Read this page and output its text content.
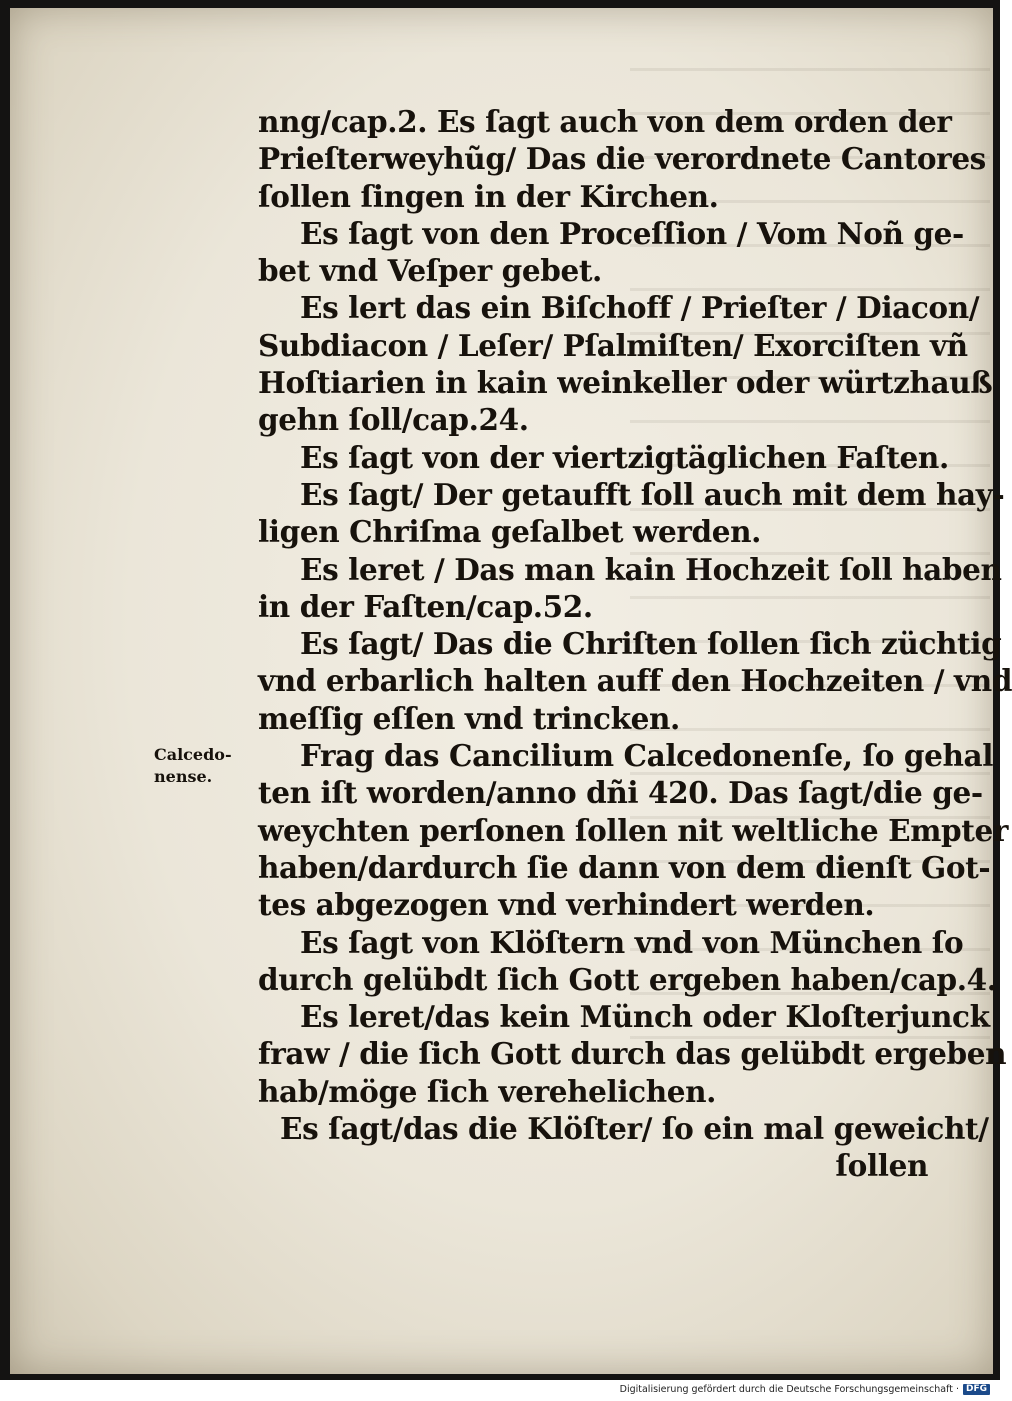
Calcedo-
nense.
nng/cap.2. Es ſagt auch von dem orden der
Prieſterweyhũg/ Das die verordnete Cantores
ſollen ſingen in der Kirchen.
Es ſagt von den Proceſſion / Vom Noñ ge-
bet vnd Veſper gebet.
Es lert das ein Biſchoff / Prieſter / Diacon/
Subdiacon / Leſer/ Pſalmiſten/ Exorciſten vñ
Hoſtiarien in kain weinkeller oder würtzhauß
gehn ſoll/cap.24.
Es ſagt von der viertzigtäglichen Faſten.
Es ſagt/ Der getaufft ſoll auch mit dem hay-
ligen Chriſma geſalbet werden.
Es leret / Das man kain Hochzeit ſoll haben
in der Faſten/cap.52.
Es ſagt/ Das die Chriſten ſollen ſich züchtig
vnd erbarlich halten auff den Hochzeiten / vnd
meſſig eſſen vnd trincken.
Frag das Cancilium Calcedonenſe, ſo gehal
ten iſt worden/anno dñi 420. Das ſagt/die ge-
weychten perſonen ſollen nit weltliche Empter
haben/dardurch ſie dann von dem dienſt Got-
tes abgezogen vnd verhindert werden.
Es ſagt von Klöſtern vnd von München ſo
durch gelübdt ſich Gott ergeben haben/cap.4.
Es leret/das kein Münch oder Kloſterjunck
fraw / die ſich Gott durch das gelübdt ergeben
hab/möge ſich verehelichen.
Es ſagt/das die Klöſter/ ſo ein mal geweicht/
ſollen
Digitalisierung gefördert durch die Deutsche Forschungsgemeinschaft · DFG
